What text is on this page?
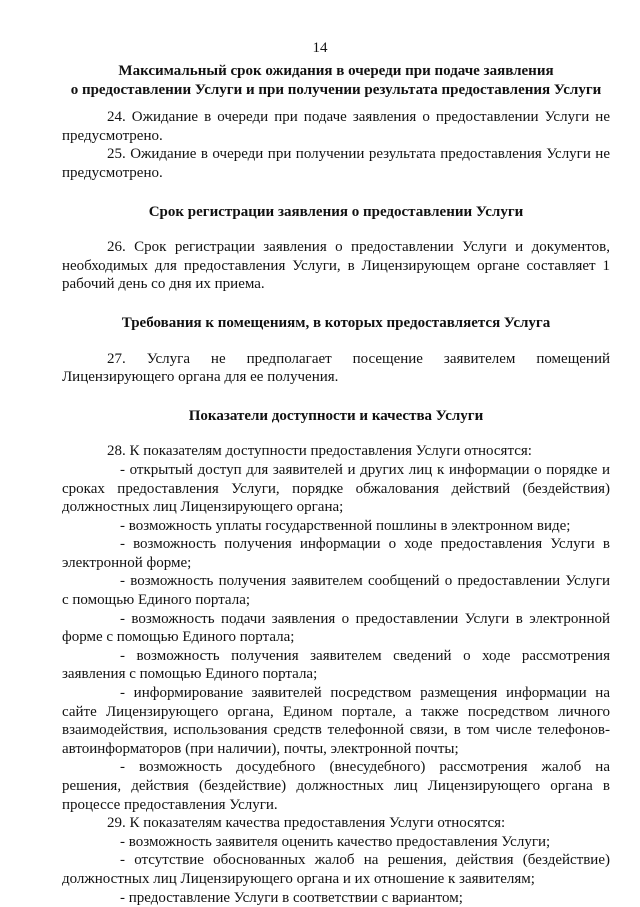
14
Максимальный срок ожидания в очереди при подаче заявления
о предоставлении Услуги и при получении результата предоставления Услуги

24. Ожидание в очереди при подаче заявления о предоставлении Услуги не предусмотрено.

25. Ожидание в очереди при получении результата предоставления Услуги не предусмотрено.

Срок регистрации заявления о предоставлении Услуги

26. Срок регистрации заявления о предоставлении Услуги и документов, необходимых для предоставления Услуги, в Лицензирующем органе составляет 1 рабочий день со дня их приема.

Требования к помещениям, в которых предоставляется Услуга

27. Услуга не предполагает посещение заявителем помещений Лицензирующего органа для ее получения.

Показатели доступности и качества Услуги

28. К показателям доступности предоставления Услуги относятся:

- открытый доступ для заявителей и других лиц к информации о порядке и сроках предоставления Услуги, порядке обжалования действий (бездействия) должностных лиц Лицензирующего органа;

- возможность уплаты государственной пошлины в электронном виде;

- возможность получения информации о ходе предоставления Услуги в электронной форме;

- возможность получения заявителем сообщений о предоставлении Услуги с помощью Единого портала;

- возможность подачи заявления о предоставлении Услуги в электронной форме с помощью Единого портала;

- возможность получения заявителем сведений о ходе рассмотрения заявления с помощью Единого портала;

- информирование заявителей посредством размещения информации на сайте Лицензирующего органа, Едином портале, а также посредством личного взаимодействия, использования средств телефонной связи, в том числе телефонов-автоинформаторов (при наличии), почты, электронной почты;

- возможность досудебного (внесудебного) рассмотрения жалоб на решения, действия (бездействие) должностных лиц Лицензирующего органа в процессе предоставления Услуги.

29. К показателям качества предоставления Услуги относятся:

- возможность заявителя оценить качество предоставления Услуги;

- отсутствие обоснованных жалоб на решения, действия (бездействие) должностных лиц Лицензирующего органа и их отношение к заявителям;

- предоставление Услуги в соответствии с вариантом;
